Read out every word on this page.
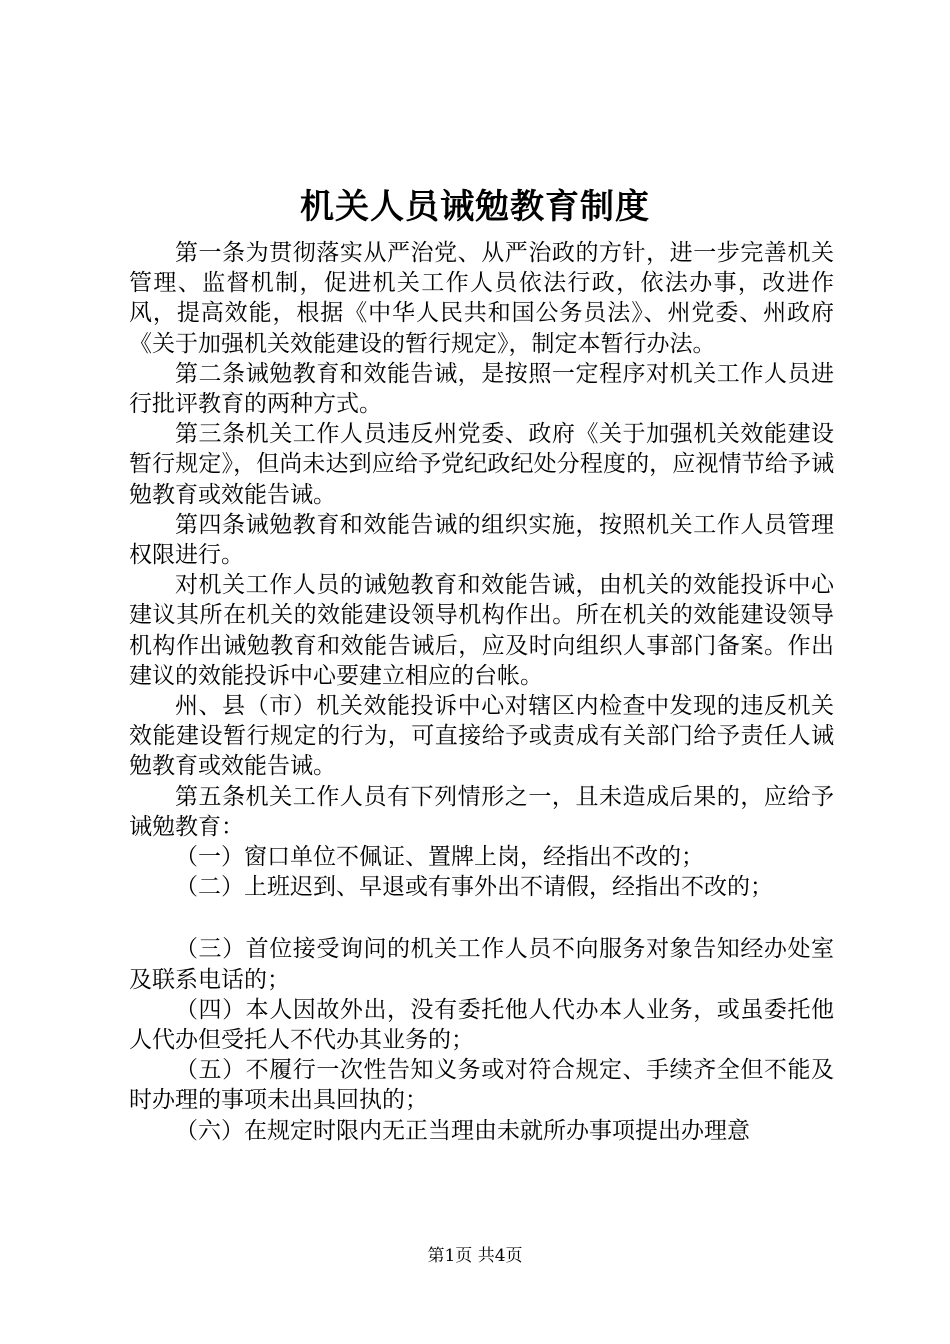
机关人员诫勉教育制度

第一条为贯彻落实从严治党、从严治政的方针，进一步完善机关管理、监督机制，促进机关工作人员依法行政，依法办事，改进作风，提高效能，根据《中华人民共和国公务员法》、州党委、州政府《关于加强机关效能建设的暂行规定》，制定本暂行办法。

第二条诫勉教育和效能告诫，是按照一定程序对机关工作人员进行批评教育的两种方式。

第三条机关工作人员违反州党委、政府《关于加强机关效能建设暂行规定》，但尚未达到应给予党纪政纪处分程度的，应视情节给予诫勉教育或效能告诫。

第四条诫勉教育和效能告诫的组织实施，按照机关工作人员管理权限进行。

对机关工作人员的诫勉教育和效能告诫，由机关的效能投诉中心建议其所在机关的效能建设领导机构作出。所在机关的效能建设领导机构作出诫勉教育和效能告诫后，应及时向组织人事部门备案。作出建议的效能投诉中心要建立相应的台帐。

州、县（市）机关效能投诉中心对辖区内检查中发现的违反机关效能建设暂行规定的行为，可直接给予或责成有关部门给予责任人诫勉教育或效能告诫。

第五条机关工作人员有下列情形之一，且未造成后果的，应给予诫勉教育：

（一）窗口单位不佩证、置牌上岗，经指出不改的；

（二）上班迟到、早退或有事外出不请假，经指出不改的；

（三）首位接受询问的机关工作人员不向服务对象告知经办处室及联系电话的；

（四）本人因故外出，没有委托他人代办本人业务，或虽委托他人代办但受托人不代办其业务的；

（五）不履行一次性告知义务或对符合规定、手续齐全但不能及时办理的事项未出具回执的；

（六）在规定时限内无正当理由未就所办事项提出办理意

第1页 共4页
